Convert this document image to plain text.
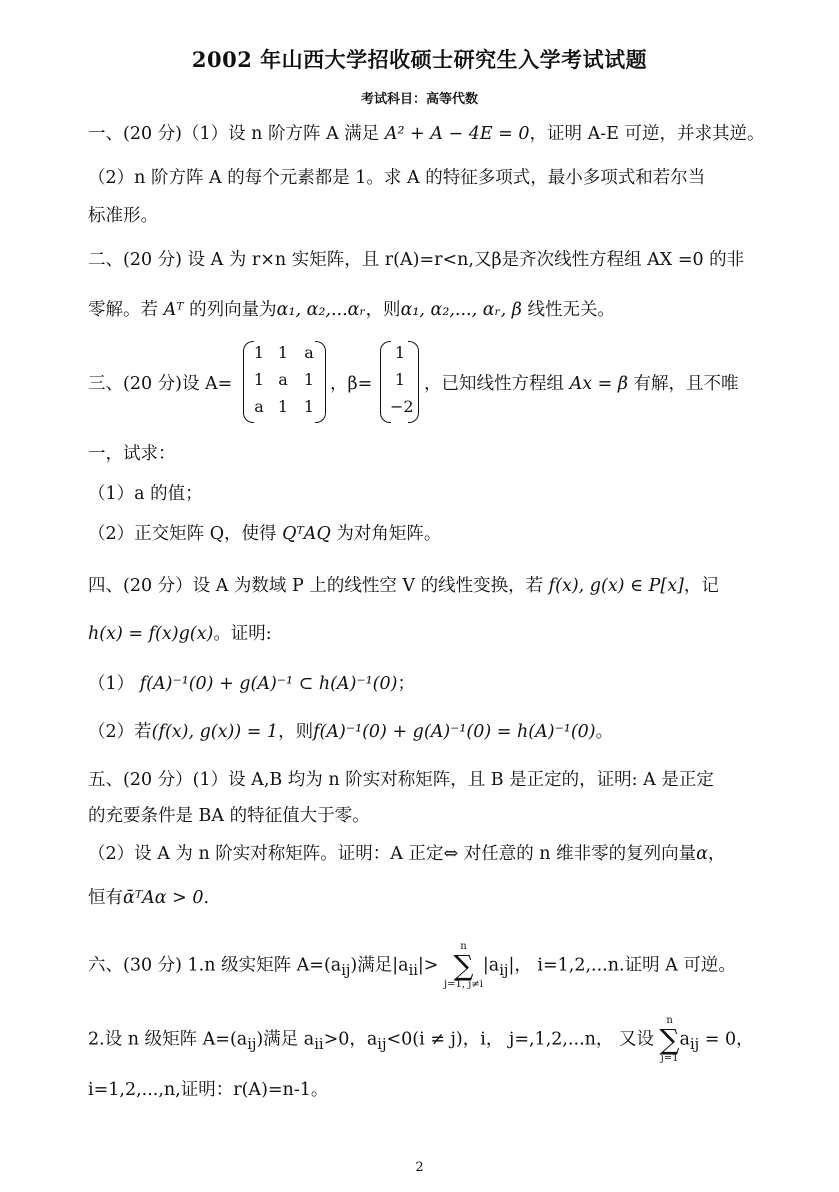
2002 年山西大学招收硕士研究生入学考试试题
考试科目：高等代数
一、(20 分)（1）设 n 阶方阵 A 满足 A² + A − 4E = 0，证明 A-E 可逆，并求其逆。
（2）n 阶方阵 A 的每个元素都是 1。求 A 的特征多项式，最小多项式和若尔当
标准形。
二、(20 分) 设 A 为 r×n 实矩阵，且 r(A)=r<n,又β是齐次线性方程组 AX =0 的非
零解。若 Aᵀ 的列向量为α₁, α₂,...αᵣ，则α₁, α₂,..., αᵣ, β 线性无关。
三、(20 分)设 A=
1 1	a
1 a	1
a 1 1
，β=
1
1
−2
，已知线性方程组 Ax = β 有解，且不唯
一，试求：
（1）a 的值；
（2）正交矩阵 Q，使得 QᵀAQ 为对角矩阵。
四、(20 分）设 A 为数域 P 上的线性空 V 的线性变换，若 f(x), g(x) ∈ P[x]，记
h(x) = f(x)g(x)。证明:
（1） f(A)⁻¹(0) + g(A)⁻¹ ⊂ h(A)⁻¹(0)；
（2）若(f(x), g(x)) = 1，则f(A)⁻¹(0) + g(A)⁻¹(0) = h(A)⁻¹(0)。
五、(20 分）(1）设 A,B 均为 n 阶实对称矩阵，且 B 是正定的，证明: A 是正定
的充要条件是 BA 的特征值大于零。
（2）设 A 为 n 阶实对称矩阵。证明：A 正定⇔ 对任意的 n 维非零的复列向量α，
恒有ᾱᵀAα > 0.
六、(30 分) 1.n 级实矩阵 $A=(a_{ij})$满足$|a_{ii}|>$
n
∑
j=1, j≠i
$|a_{ij}|$， i=1,2,...n.证明 A 可逆。
2.设 n 级矩阵 $A=(a_{ij})$满足 $a_{ii}>0$，$a_{ij}<0(i \ne j)$，i， j=,1,2,...n， 又设
n
∑
j=1
$a_{ij} = 0$，
i=1,2,...,n,证明：r(A)=n-1。
2
